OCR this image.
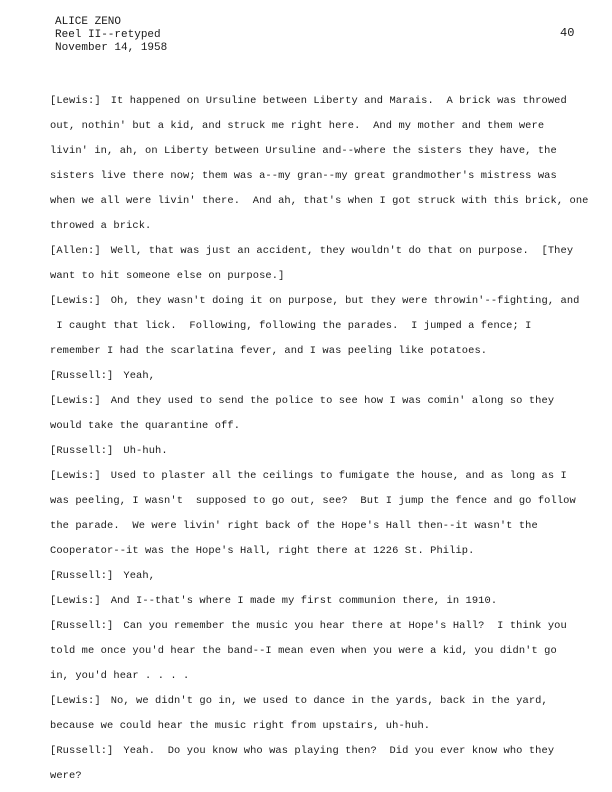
ALICE ZENO
Reel II--retyped
November 14, 1958
40
[ Lewis: ] It happened on Ursuline between Liberty and Marais.  A brick was throwed
out, nothin' but a kid, and struck me right here.  And my mother and them were
livin' in, ah, on Liberty between Ursuline and--where the sisters they have, the
sisters live there now; them was a--my gran--my great grandmother's mistress was
when we all were livin' there.  And ah, that's when I got struck with this brick, one
throwed a brick.
[ Allen: ] Well, that was just an accident, they wouldn't do that on purpose.  [They
want to hit someone else on purpose.]
[ Lewis: ] Oh, they wasn't doing it on purpose, but they were throwin'--fighting, and
I caught that lick.  Following, following the parades.  I jumped a fence; I
remember I had the scarlatina fever, and I was peeling like potatoes.
[ Russell: ] Yeah,
[ Lewis: ] And they used to send the police to see how I was comin' along so they
would take the quarantine off.
[ Russell: ] Uh-huh.
[ Lewis: ] Used to plaster all the ceilings to fumigate the house, and as long as I
was peeling, I wasn't  supposed to go out, see?  But I jump the fence and go follow
the parade.  We were livin' right back of the Hope's Hall then--it wasn't the
Cooperator--it was the Hope's Hall, right there at 1226 St. Philip.
[ Russell: ] Yeah,
[ Lewis: ] And I--that's where I made my first communion there, in 1910.
[ Russell: ] Can you remember the music you hear there at Hope's Hall?  I think you
told me once you'd hear the band--I mean even when you were a kid, you didn't go
in, you'd hear . . . .
[ Lewis: ] No, we didn't go in, we used to dance in the yards, back in the yard,
because we could hear the music right from upstairs, uh-huh.
[ Russell: ] Yeah.  Do you know who was playing then?  Did you ever know who they
were?
